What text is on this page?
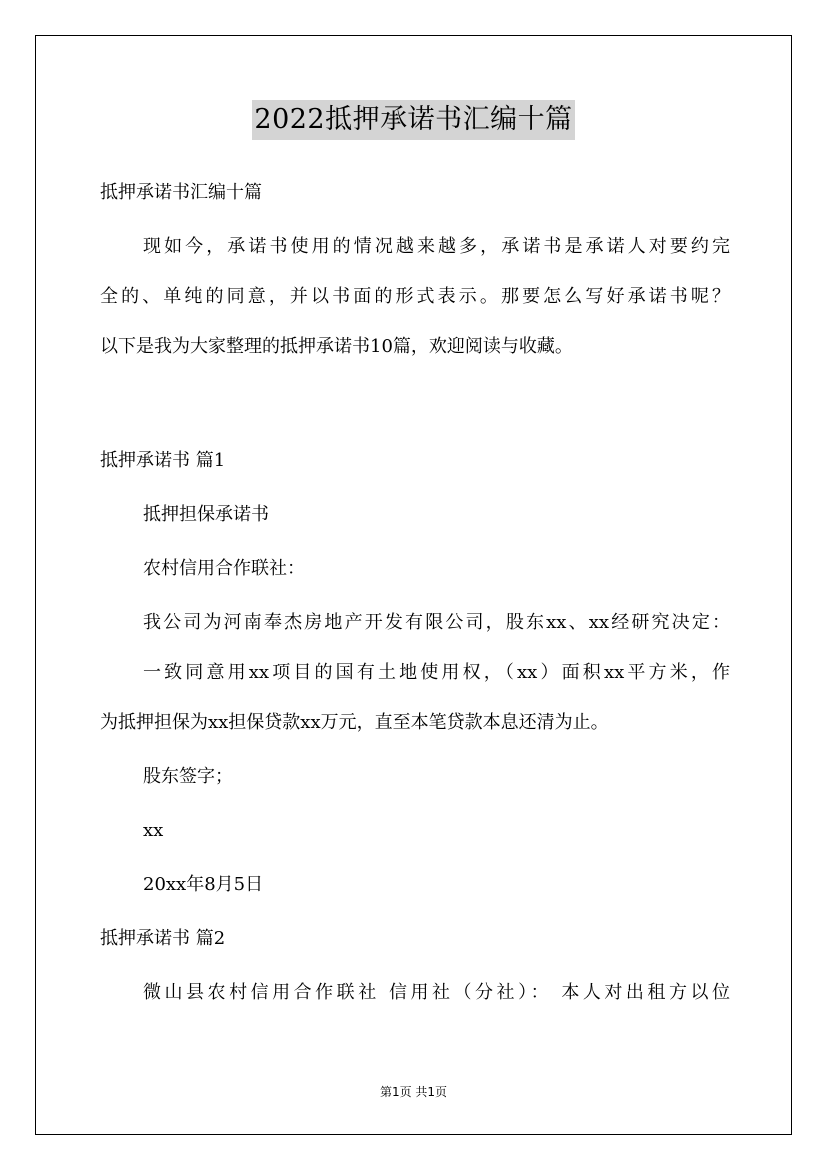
2022抵押承诺书汇编十篇
抵押承诺书汇编十篇
现如今，承诺书使用的情况越来越多，承诺书是承诺人对要约完
全的、单纯的同意，并以书面的形式表示。那要怎么写好承诺书呢？
以下是我为大家整理的抵押承诺书10篇，欢迎阅读与收藏。
抵押承诺书 篇1
抵押担保承诺书
农村信用合作联社：
我公司为河南奉杰房地产开发有限公司，股东xx、xx经研究决定：
一致同意用xx项目的国有土地使用权，（xx）面积xx平方米，作
为抵押担保为xx担保贷款xx万元，直至本笔贷款本息还清为止。
股东签字；
xx
20xx年8月5日
抵押承诺书 篇2
微山县农村信用合作联社 信用社（分社）： 本人对出租方以位
第1页 共1页
